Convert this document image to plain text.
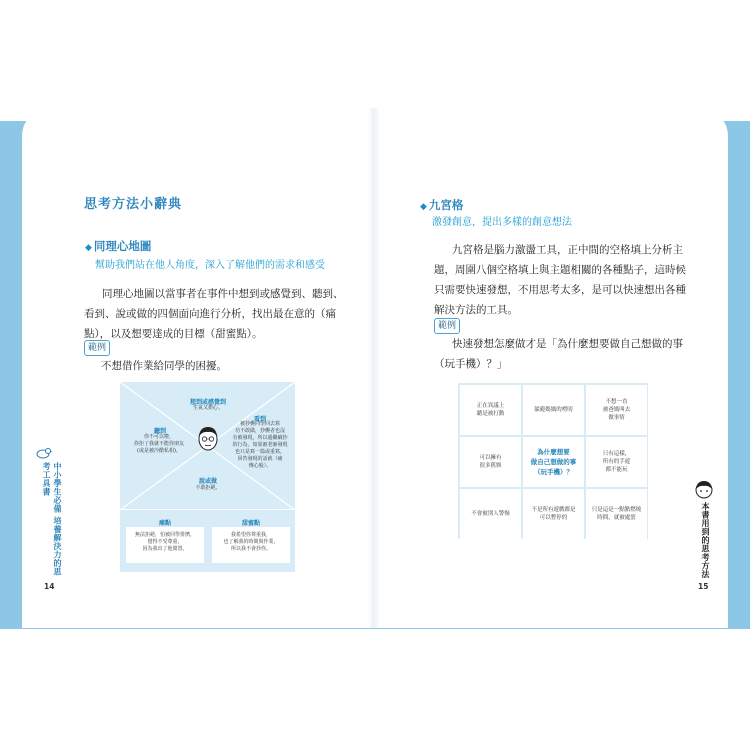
思考方法小辭典
◆ 同理心地圖
幫助我們站在他人角度，深入了解他們的需求和感受
同理心地圖以當事者在事件中想到或感覺到、聽到、
看到、說或做的四個面向進行分析，找出最在意的（痛
點），以及想要達成的目標（甜蜜點）。
範例
不想借作業給同學的困擾。
想到或感覺到
生氣又擔心。
聽到
你不可以啦，
你拒了我就不能你朋友
(或是被冷酷私相)。
看到
被抄襲同學回去寫
功不敢做，抄襲者也沒
有被發現，所以還繼續抄
的行為，如果被老師發現
也只是寫一篇或重寫，
回答發現的話就（痛
傳心般）。
說或做
不敢拒絕。
痛點
無法拒絕，怕被同學排擠，
覺得不受尊重，
因為我出了他閒置。
甜蜜點
我希望你尊重我，
也了解我的時間與作業，
所以我不會抄你。
中小學生必備 培養解決力的思考工具書
14
◆ 九宮格
激發創意，提出多樣的創意想法
九宮格是腦力激盪工具，正中間的空格填上分析主
題，周圍八個空格填上與主題相關的各種點子，這時候
只需要快速發想，不用思考太多，是可以快速想出各種
解決方法的工具。
範例
快速發想怎麼做才是「為什麼想要做自己想做的事
（玩手機）？」
正在異議上
聽是被打動
躲避媽媽的嘮叨
不想一直
被爸媽叫去
做事情
可以擁有
很多舊娛
為什麼想要
做自己想做的事
（玩手機）？
只有這樣，
所有的手遊
都不能玩
不會被別人警惕
不是所有遊戲都是
可以暫停的
只是這是一點點燃燒
時間，就被處罰	本書用到的思考方法
15
